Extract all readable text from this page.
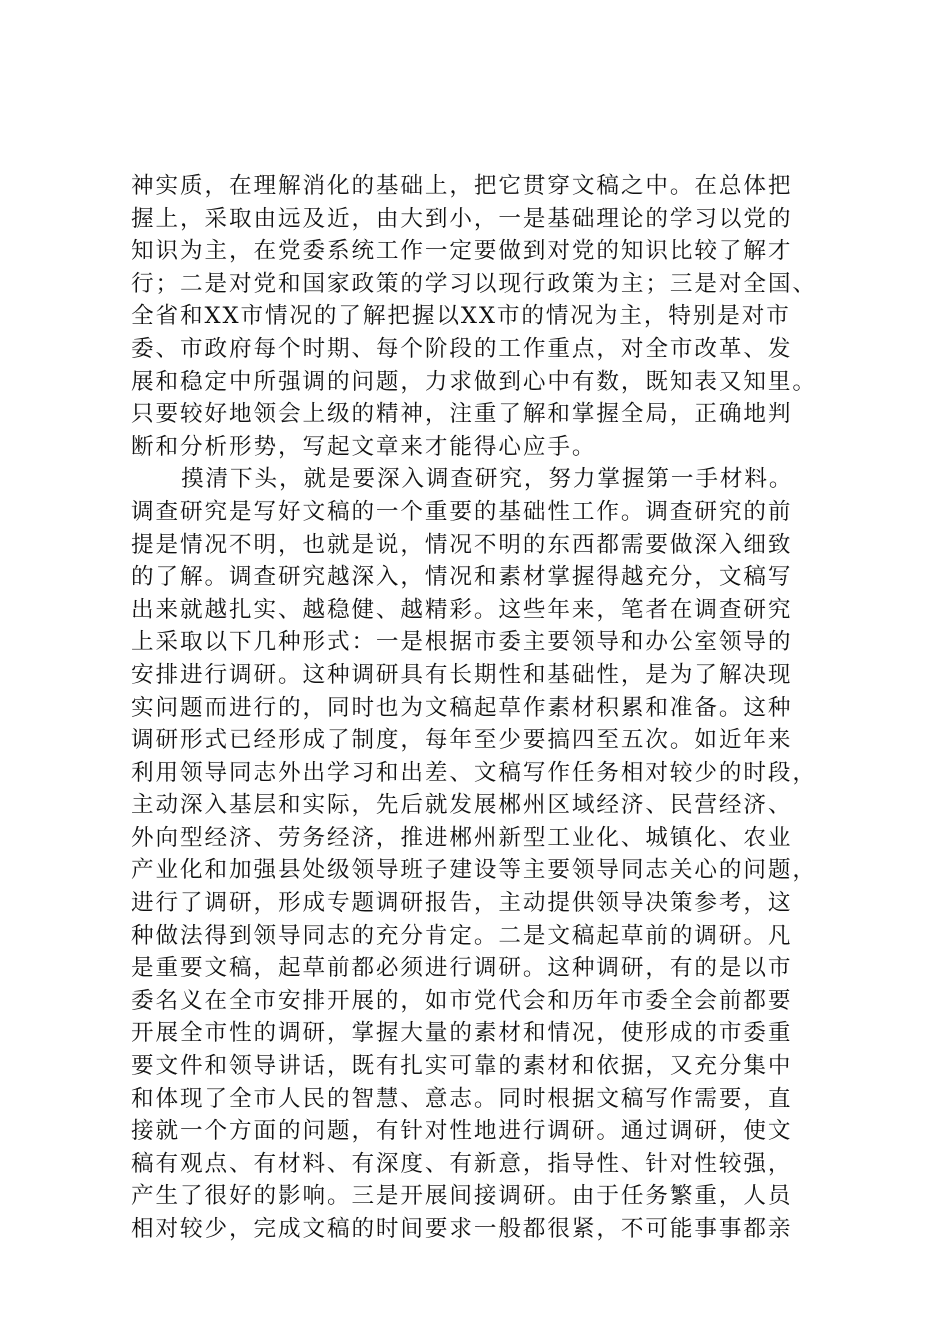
神实质，在理解消化的基础上，把它贯穿文稿之中。在总体把
握上，采取由远及近，由大到小，一是基础理论的学习以党的
知识为主，在党委系统工作一定要做到对党的知识比较了解才
行；二是对党和国家政策的学习以现行政策为主；三是对全国、
全省和XX市情况的了解把握以XX市的情况为主，特别是对市
委、市政府每个时期、每个阶段的工作重点，对全市改革、发
展和稳定中所强调的问题，力求做到心中有数，既知表又知里。
只要较好地领会上级的精神，注重了解和掌握全局，正确地判
断和分析形势，写起文章来才能得心应手。
摸清下头，就是要深入调查研究，努力掌握第一手材料。
调查研究是写好文稿的一个重要的基础性工作。调查研究的前
提是情况不明，也就是说，情况不明的东西都需要做深入细致
的了解。调查研究越深入，情况和素材掌握得越充分，文稿写
出来就越扎实、越稳健、越精彩。这些年来，笔者在调查研究
上采取以下几种形式：一是根据市委主要领导和办公室领导的
安排进行调研。这种调研具有长期性和基础性，是为了解决现
实问题而进行的，同时也为文稿起草作素材积累和准备。这种
调研形式已经形成了制度，每年至少要搞四至五次。如近年来
利用领导同志外出学习和出差、文稿写作任务相对较少的时段，
主动深入基层和实际，先后就发展郴州区域经济、民营经济、
外向型经济、劳务经济，推进郴州新型工业化、城镇化、农业
产业化和加强县处级领导班子建设等主要领导同志关心的问题，
进行了调研，形成专题调研报告，主动提供领导决策参考，这
种做法得到领导同志的充分肯定。二是文稿起草前的调研。凡
是重要文稿，起草前都必须进行调研。这种调研，有的是以市
委名义在全市安排开展的，如市党代会和历年市委全会前都要
开展全市性的调研，掌握大量的素材和情况，使形成的市委重
要文件和领导讲话，既有扎实可靠的素材和依据，又充分集中
和体现了全市人民的智慧、意志。同时根据文稿写作需要，直
接就一个方面的问题，有针对性地进行调研。通过调研，使文
稿有观点、有材料、有深度、有新意，指导性、针对性较强，
产生了很好的影响。三是开展间接调研。由于任务繁重，人员
相对较少，完成文稿的时间要求一般都很紧，不可能事事都亲
